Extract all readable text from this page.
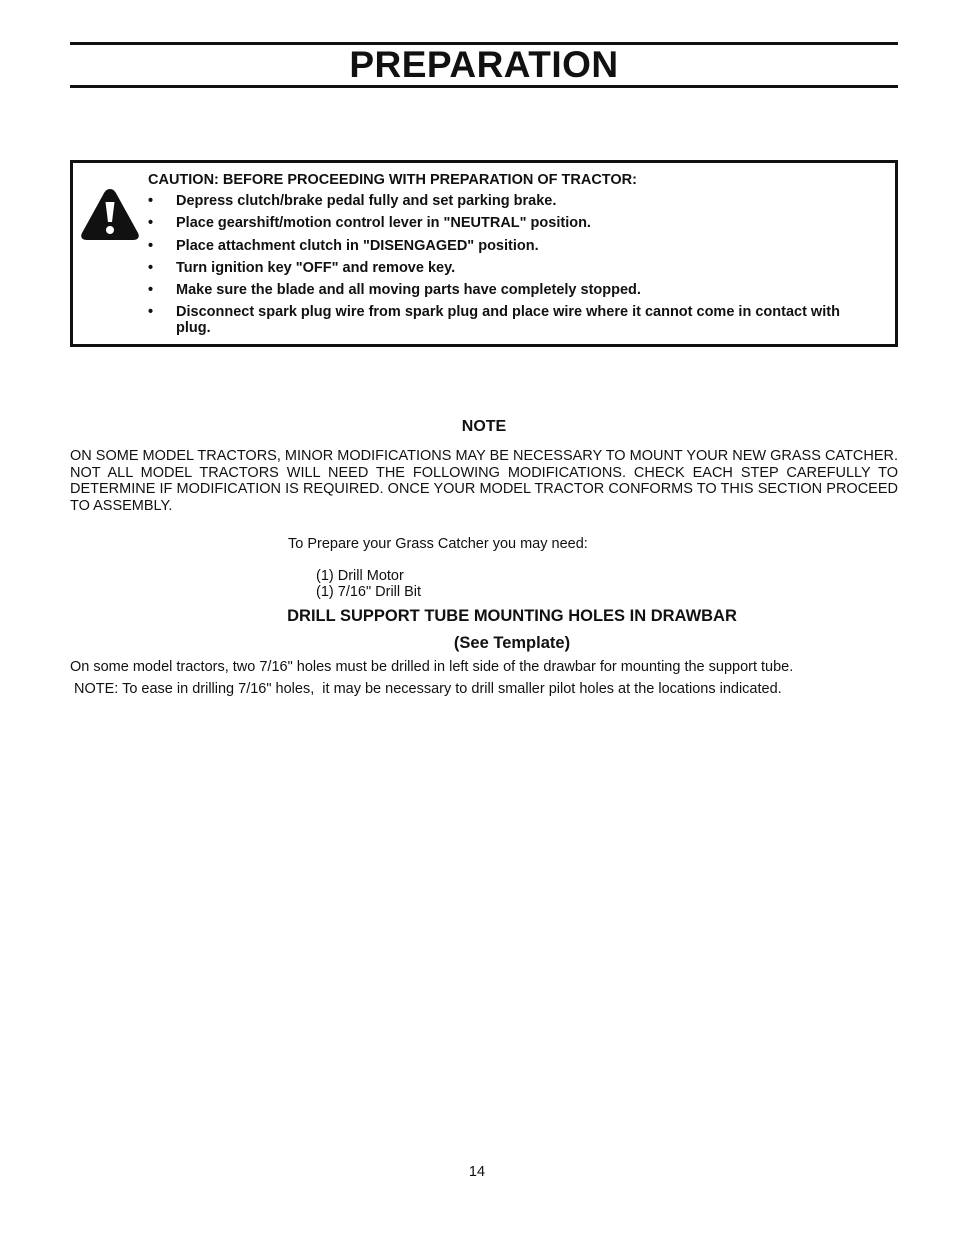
PREPARATION
CAUTION: BEFORE PROCEEDING WITH PREPARATION OF TRACTOR:
• Depress clutch/brake pedal fully and set parking brake.
• Place gearshift/motion control lever in "NEUTRAL" position.
• Place attachment clutch in "DISENGAGED" position.
• Turn ignition key "OFF" and remove key.
• Make sure the blade and all moving parts have completely stopped.
• Disconnect spark plug wire from spark plug and place wire where it cannot come in contact with plug.
NOTE
ON SOME MODEL TRACTORS, MINOR MODIFICATIONS MAY BE NECESSARY TO MOUNT YOUR NEW GRASS CATCHER. NOT ALL MODEL TRACTORS WILL NEED THE FOLLOWING MODIFICATIONS. CHECK EACH STEP CAREFULLY TO DETERMINE IF MODIFICATION IS REQUIRED. ONCE YOUR MODEL TRACTOR CONFORMS TO THIS SECTION PROCEED TO ASSEMBLY.
To Prepare your Grass Catcher you may need:
(1) Drill Motor
(1) 7/16" Drill Bit
DRILL SUPPORT TUBE MOUNTING HOLES IN DRAWBAR
(See Template)
On some model tractors, two 7/16" holes must be drilled in left side of the drawbar for mounting the support tube.
NOTE: To ease in drilling 7/16" holes,  it may be necessary to drill smaller pilot holes at the locations indicated.
14
